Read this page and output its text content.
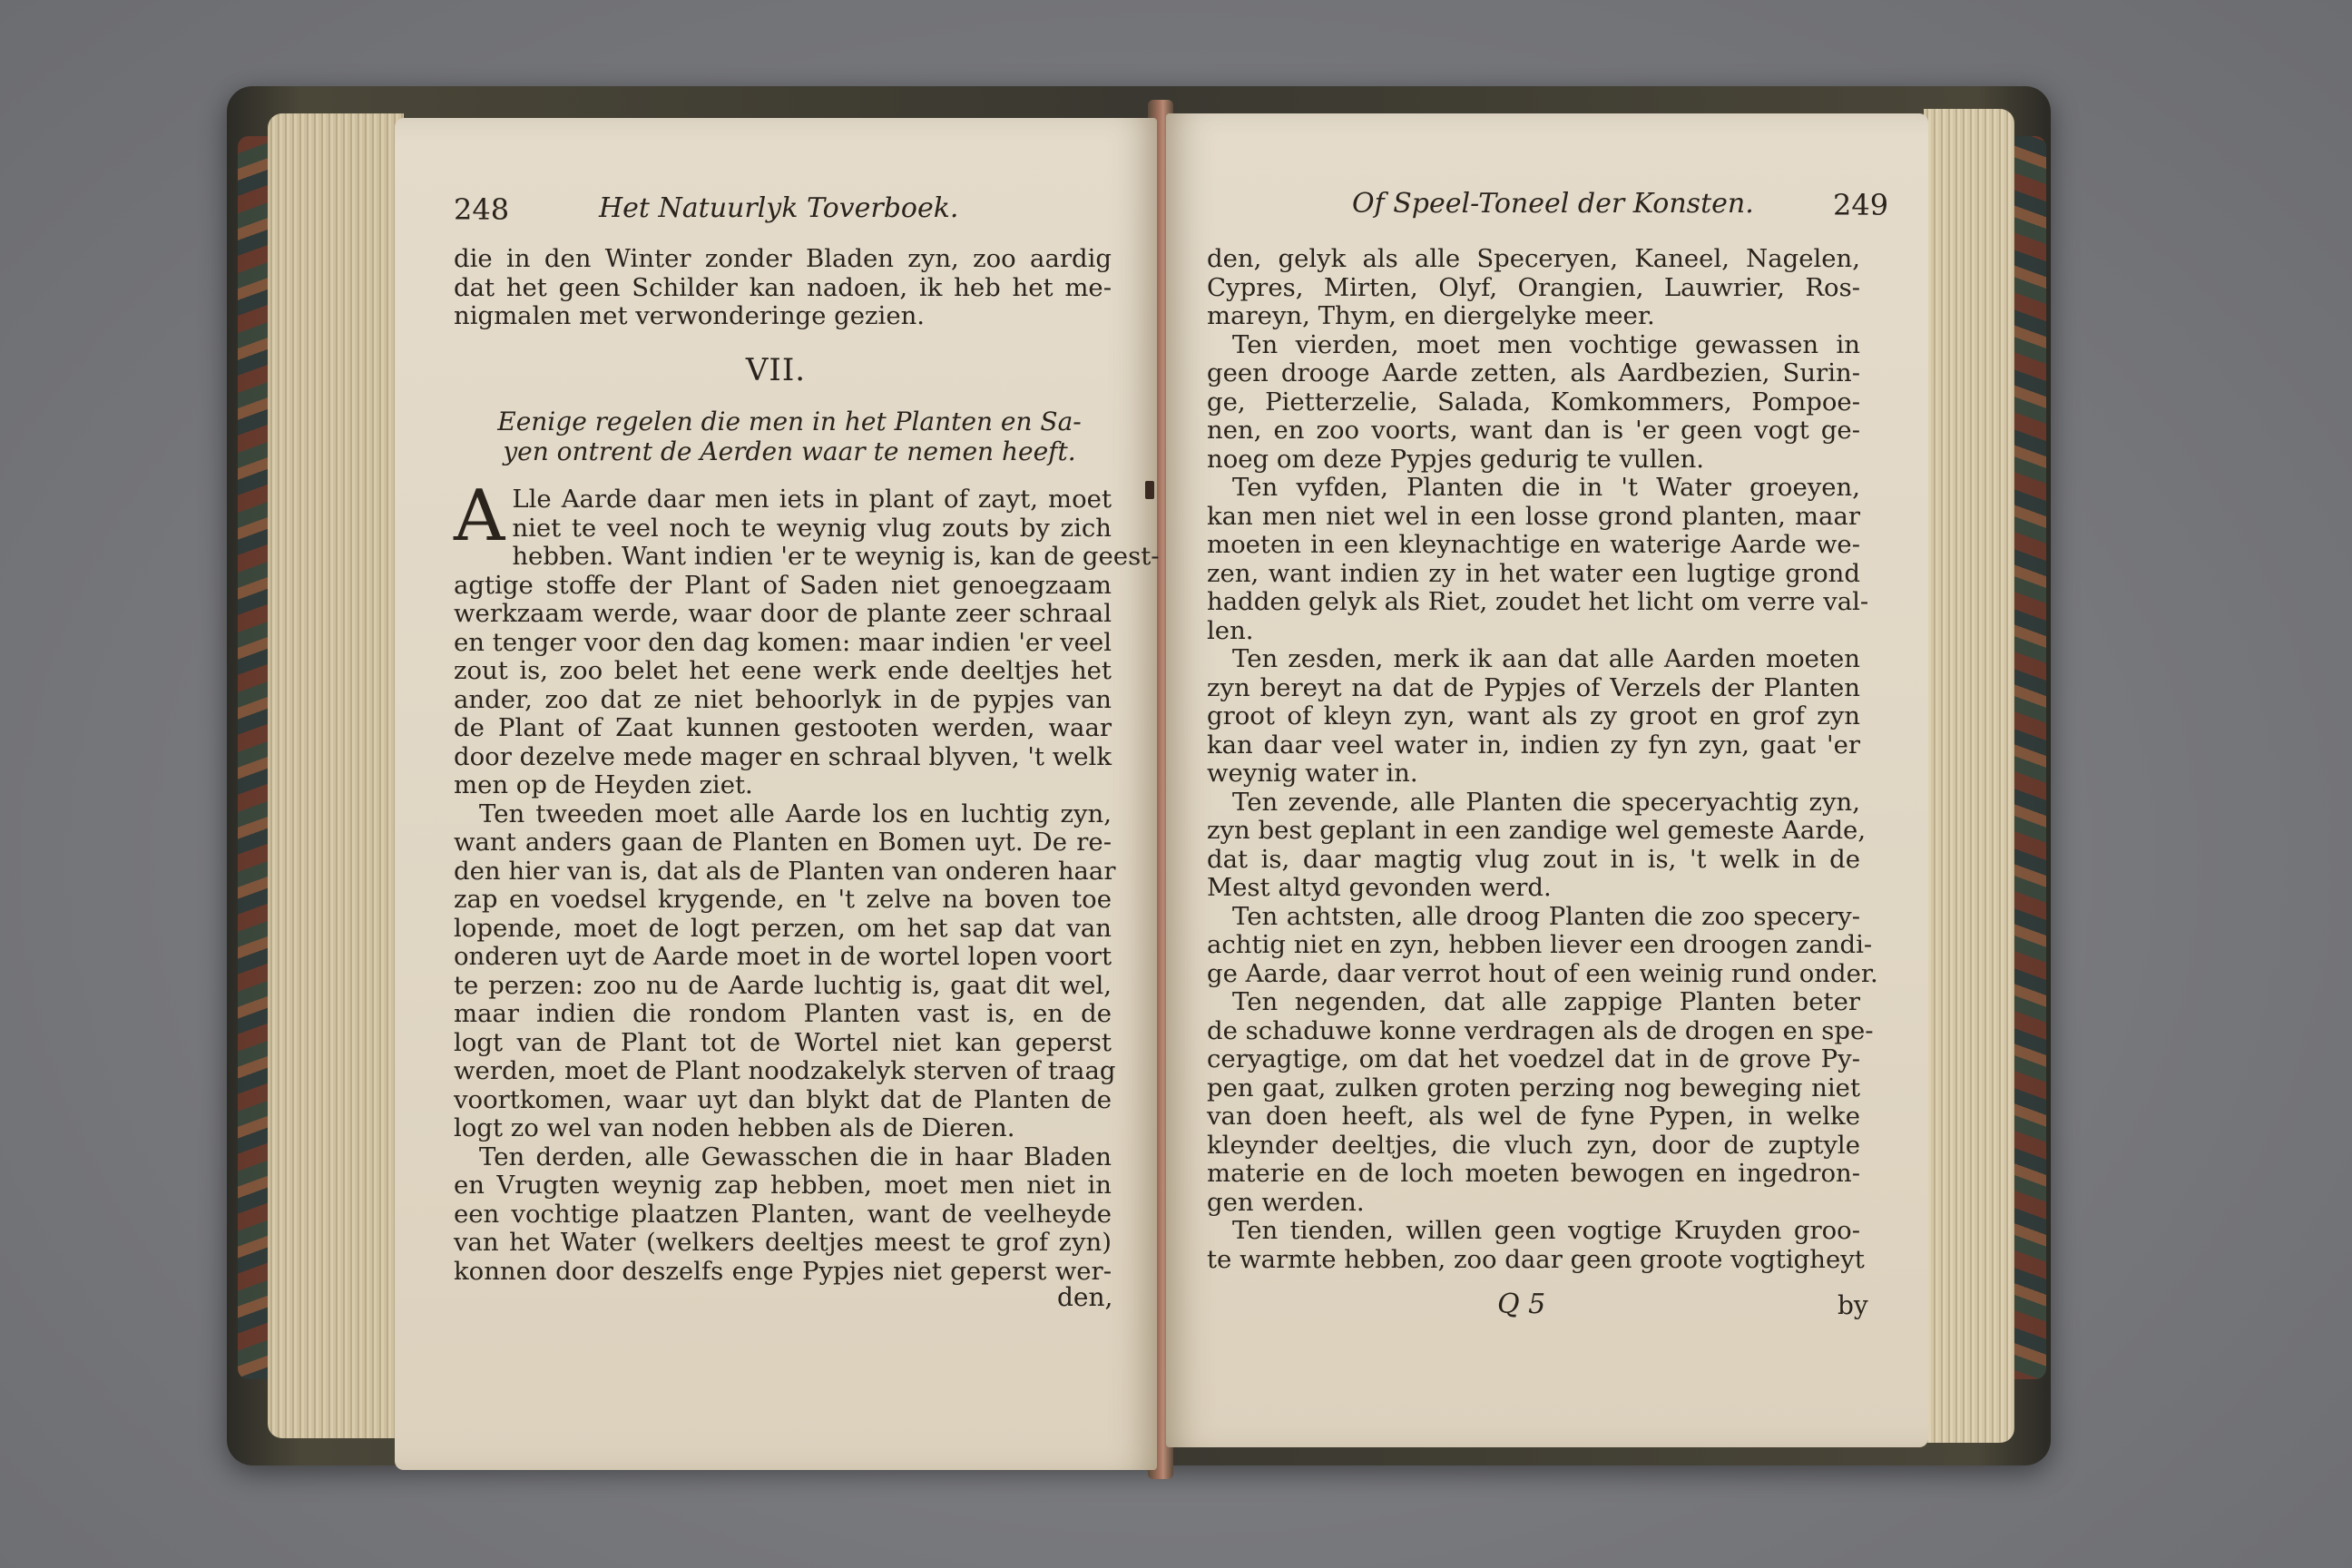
248	Het Natuurlyk Toverboek.
die in den Winter zonder Bladen zyn, zoo aardig
dat het geen Schilder kan nadoen, ik heb het me-
nigmalen met verwonderinge gezien.
VII.
Eenige regelen die men in het Planten en Sa-
yen ontrent de Aerden waar te nemen heeft.
A Lle Aarde daar men iets in plant of zayt, moet
niet te veel noch te weynig vlug zouts by zich
hebben. Want indien 'er te weynig is, kan de geest-
agtige stoffe der Plant of Saden niet genoegzaam
werkzaam werde, waar door de plante zeer schraal
en tenger voor den dag komen: maar indien 'er veel
zout is, zoo belet het eene werk ende deeltjes het
ander, zoo dat ze niet behoorlyk in de pypjes van
de Plant of Zaat kunnen gestooten werden, waar
door dezelve mede mager en schraal blyven, 't welk
men op de Heyden ziet.
Ten tweeden moet alle Aarde los en luchtig zyn,
want anders gaan de Planten en Bomen uyt. De re-
den hier van is, dat als de Planten van onderen haar
zap en voedsel krygende, en 't zelve na boven toe
lopende, moet de logt perzen, om het sap dat van
onderen uyt de Aarde moet in de wortel lopen voort
te perzen: zoo nu de Aarde luchtig is, gaat dit wel,
maar indien die rondom Planten vast is, en de
logt van de Plant tot de Wortel niet kan geperst
werden, moet de Plant noodzakelyk sterven of traag
voortkomen, waar uyt dan blykt dat de Planten de
logt zo wel van noden hebben als de Dieren.
Ten derden, alle Gewasschen die in haar Bladen
en Vrugten weynig zap hebben, moet men niet in
een vochtige plaatzen Planten, want de veelheyde
van het Water (welkers deeltjes meest te grof zyn)
konnen door deszelfs enge Pypjes niet geperst wer-
den,
Of Speel-Toneel der Konsten.	249
den, gelyk als alle Speceryen, Kaneel, Nagelen,
Cypres, Mirten, Olyf, Orangien, Lauwrier, Ros-
mareyn, Thym, en diergelyke meer.
Ten vierden, moet men vochtige gewassen in
geen drooge Aarde zetten, als Aardbezien, Surin-
ge, Pietterzelie, Salada, Komkommers, Pompoe-
nen, en zoo voorts, want dan is 'er geen vogt ge-
noeg om deze Pypjes gedurig te vullen.
Ten vyfden, Planten die in 't Water groeyen,
kan men niet wel in een losse grond planten, maar
moeten in een kleynachtige en waterige Aarde we-
zen, want indien zy in het water een lugtige grond
hadden gelyk als Riet, zoudet het licht om verre val-
len.
Ten zesden, merk ik aan dat alle Aarden moeten
zyn bereyt na dat de Pypjes of Verzels der Planten
groot of kleyn zyn, want als zy groot en grof zyn
kan daar veel water in, indien zy fyn zyn, gaat 'er
weynig water in.
Ten zevende, alle Planten die speceryachtig zyn,
zyn best geplant in een zandige wel gemeste Aarde,
dat is, daar magtig vlug zout in is, 't welk in de
Mest altyd gevonden werd.
Ten achtsten, alle droog Planten die zoo specery-
achtig niet en zyn, hebben liever een droogen zandi-
ge Aarde, daar verrot hout of een weinig rund onder.
Ten negenden, dat alle zappige Planten beter
de schaduwe konne verdragen als de drogen en spe-
ceryagtige, om dat het voedzel dat in de grove Py-
pen gaat, zulken groten perzing nog beweging niet
van doen heeft, als wel de fyne Pypen, in welke
kleynder deeltjes, die vluch zyn, door de zuptyle
materie en de loch moeten bewogen en ingedron-
gen werden.
Ten tienden, willen geen vogtige Kruyden groo-
te warmte hebben, zoo daar geen groote vogtigheyt
Q 5	by
